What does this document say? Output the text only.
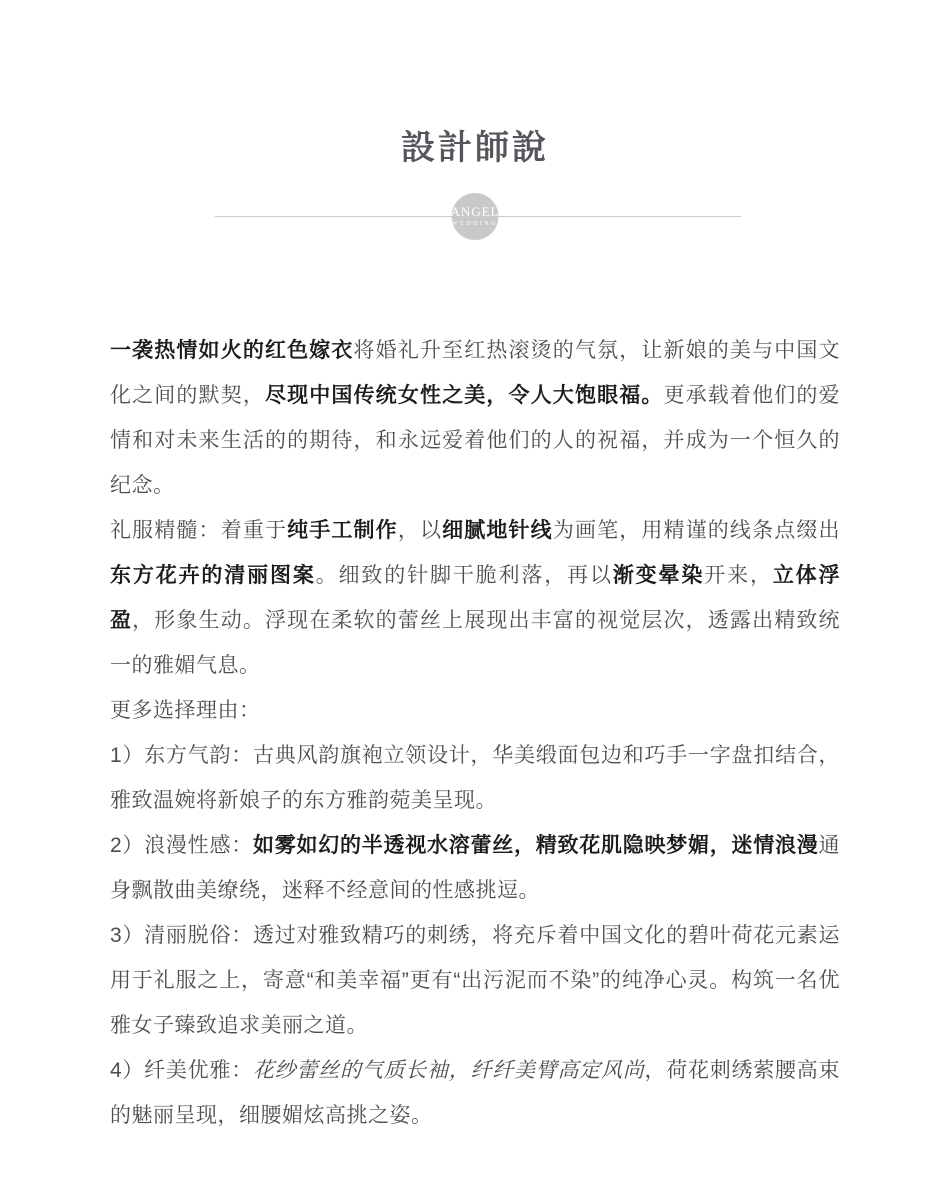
設計師說
ANGEL
WEDDING

一袭热情如火的红色嫁衣将婚礼升至红热滚烫的气氛，让新娘的美与中国文化之间的默契，尽现中国传统女性之美，令人大饱眼福。更承载着他们的爱情和对未来生活的的期待，和永远爱着他们的人的祝福，并成为一个恒久的纪念。

礼服精髓：着重于纯手工制作，以细腻地针线为画笔，用精谨的线条点缀出东方花卉的清丽图案。细致的针脚干脆利落，再以渐变晕染开来，立体浮盈，形象生动。浮现在柔软的蕾丝上展现出丰富的视觉层次，透露出精致统一的雅媚气息。

更多选择理由：

1）东方气韵：古典风韵旗袍立领设计，华美缎面包边和巧手一字盘扣结合，雅致温婉将新娘子的东方雅韵菀美呈现。

2）浪漫性感：如雾如幻的半透视水溶蕾丝，精致花肌隐映梦媚，迷情浪漫通身飘散曲美缭绕，迷释不经意间的性感挑逗。

3）清丽脱俗：透过对雅致精巧的刺绣，将充斥着中国文化的碧叶荷花元素运用于礼服之上，寄意“和美幸福”更有“出污泥而不染”的纯净心灵。构筑一名优雅女子臻致追求美丽之道。

4）纤美优雅：花纱蕾丝的气质长袖，纤纤美臂高定风尚，荷花刺绣萦腰高束的魅丽呈现，细腰媚炫高挑之姿。
